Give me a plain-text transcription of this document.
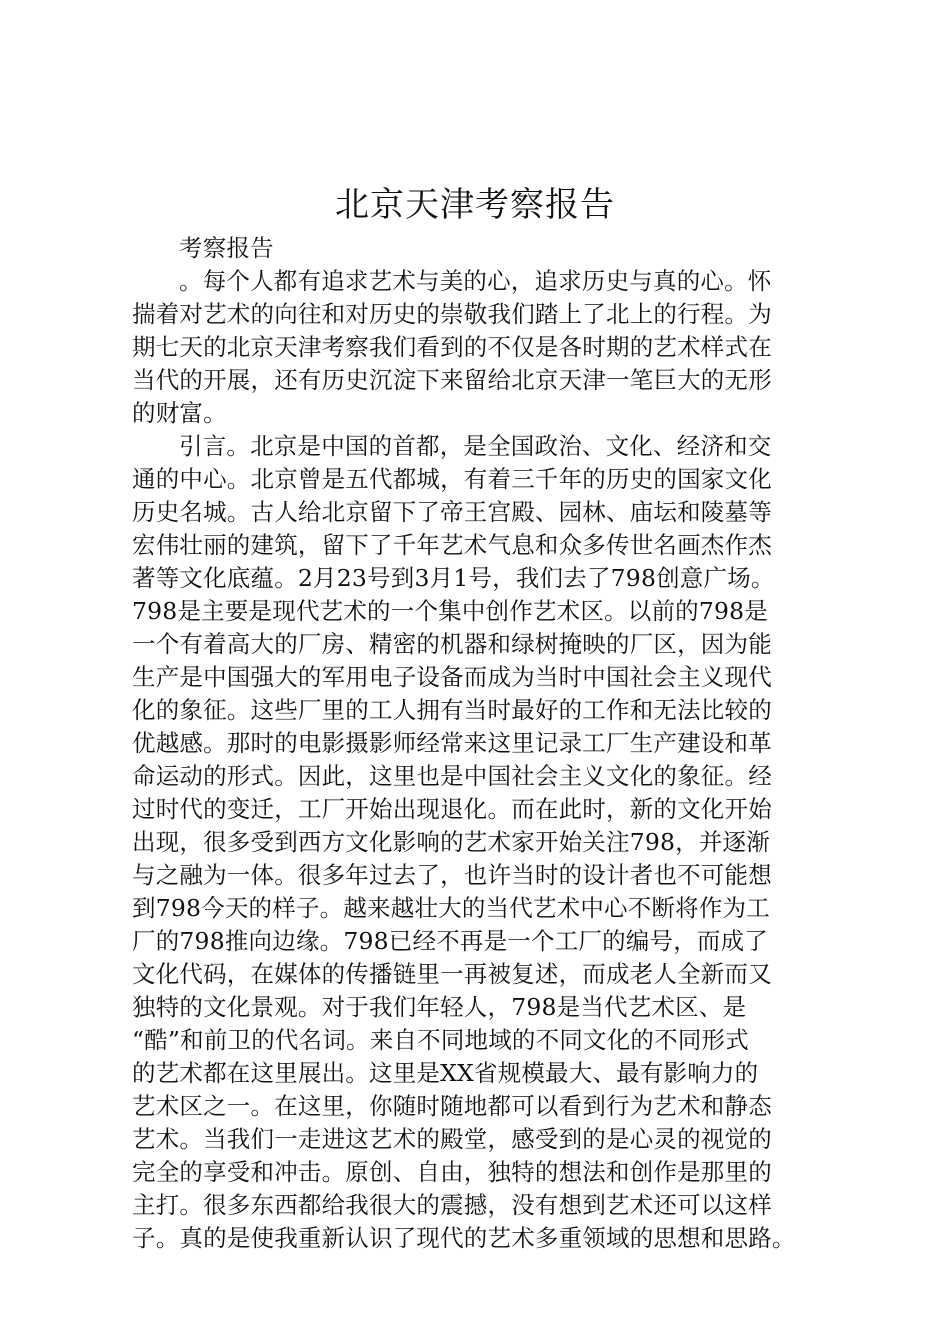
北京天津考察报告
考察报告
。每个人都有追求艺术与美的心，追求历史与真的心。怀
揣着对艺术的向往和对历史的崇敬我们踏上了北上的行程。为
期七天的北京天津考察我们看到的不仅是各时期的艺术样式在
当代的开展，还有历史沉淀下来留给北京天津一笔巨大的无形
的财富。
引言。北京是中国的首都，是全国政治、文化、经济和交
通的中心。北京曾是五代都城，有着三千年的历史的国家文化
历史名城。古人给北京留下了帝王宫殿、园林、庙坛和陵墓等
宏伟壮丽的建筑，留下了千年艺术气息和众多传世名画杰作杰
著等文化底蕴。2月23号到3月1号，我们去了798创意广场。
798是主要是现代艺术的一个集中创作艺术区。以前的798是
一个有着高大的厂房、精密的机器和绿树掩映的厂区，因为能
生产是中国强大的军用电子设备而成为当时中国社会主义现代
化的象征。这些厂里的工人拥有当时最好的工作和无法比较的
优越感。那时的电影摄影师经常来这里记录工厂生产建设和革
命运动的形式。因此，这里也是中国社会主义文化的象征。经
过时代的变迁，工厂开始出现退化。而在此时，新的文化开始
出现，很多受到西方文化影响的艺术家开始关注798，并逐渐
与之融为一体。很多年过去了，也许当时的设计者也不可能想
到798今天的样子。越来越壮大的当代艺术中心不断将作为工
厂的798推向边缘。798已经不再是一个工厂的编号，而成了
文化代码，在媒体的传播链里一再被复述，而成老人全新而又
独特的文化景观。对于我们年轻人，798是当代艺术区、是
“酷”和前卫的代名词。来自不同地域的不同文化的不同形式
的艺术都在这里展出。这里是XX省规模最大、最有影响力的
艺术区之一。在这里，你随时随地都可以看到行为艺术和静态
艺术。当我们一走进这艺术的殿堂，感受到的是心灵的视觉的
完全的享受和冲击。原创、自由，独特的想法和创作是那里的
主打。很多东西都给我很大的震撼，没有想到艺术还可以这样
子。真的是使我重新认识了现代的艺术多重领域的思想和思路。
